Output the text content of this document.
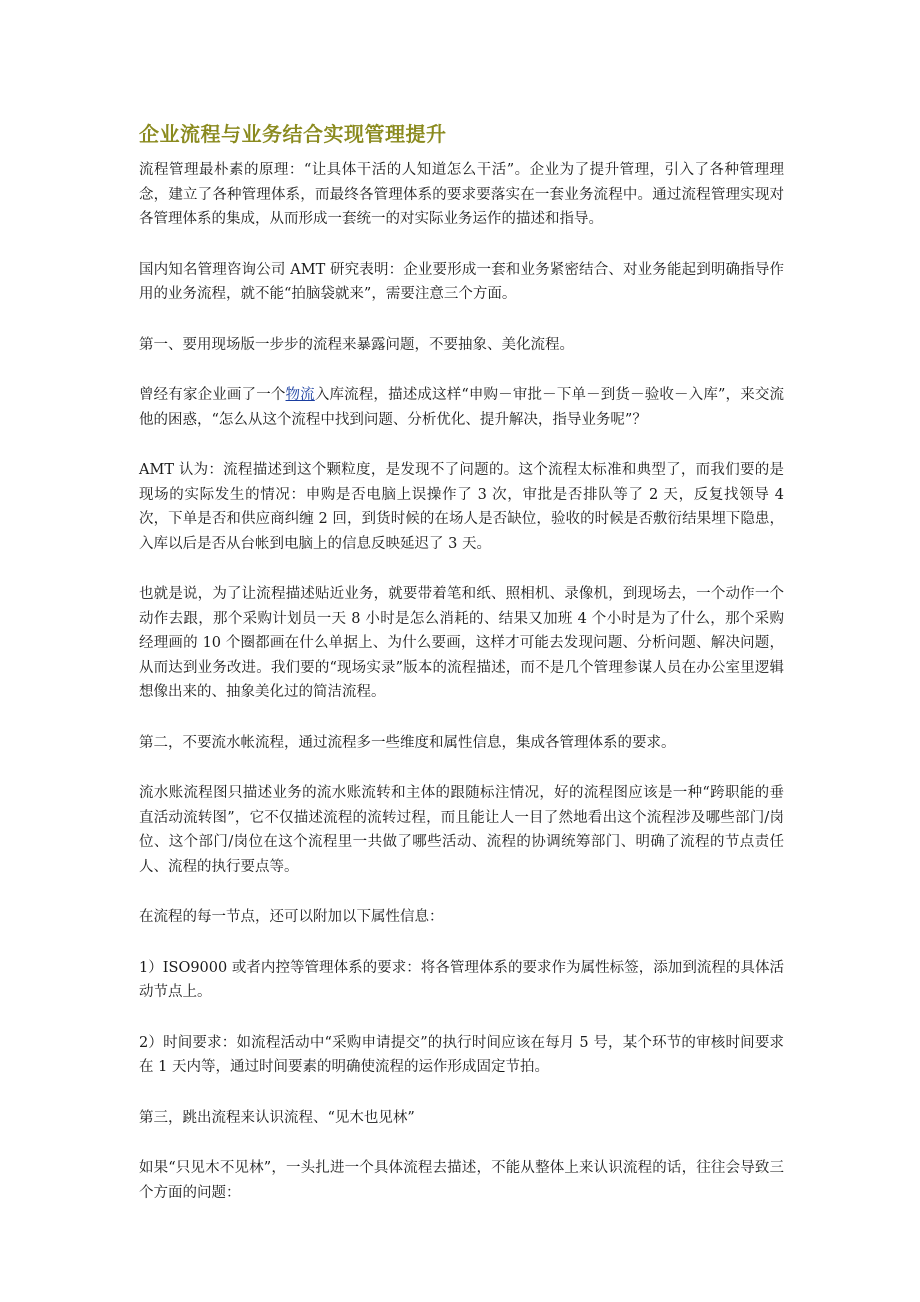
企业流程与业务结合实现管理提升

流程管理最朴素的原理：“让具体干活的人知道怎么干活”。企业为了提升管理，引入了各种管理理念，建立了各种管理体系，而最终各管理体系的要求要落实在一套业务流程中。通过流程管理实现对各管理体系的集成，从而形成一套统一的对实际业务运作的描述和指导。

国内知名管理咨询公司 AMT 研究表明：企业要形成一套和业务紧密结合、对业务能起到明确指导作用的业务流程，就不能“拍脑袋就来”，需要注意三个方面。

第一、要用现场版一步步的流程来暴露问题，不要抽象、美化流程。

曾经有家企业画了一个物流入库流程，描述成这样“申购－审批－下单－到货－验收－入库”，来交流他的困惑，“怎么从这个流程中找到问题、分析优化、提升解决，指导业务呢”？

AMT 认为：流程描述到这个颗粒度，是发现不了问题的。这个流程太标准和典型了，而我们要的是现场的实际发生的情况：申购是否电脑上误操作了 3 次，审批是否排队等了 2 天，反复找领导 4 次，下单是否和供应商纠缠 2 回，到货时候的在场人是否缺位，验收的时候是否敷衍结果埋下隐患，入库以后是否从台帐到电脑上的信息反映延迟了 3 天。

也就是说，为了让流程描述贴近业务，就要带着笔和纸、照相机、录像机，到现场去，一个动作一个动作去跟，那个采购计划员一天 8 小时是怎么消耗的、结果又加班 4 个小时是为了什么，那个采购经理画的 10 个圈都画在什么单据上、为什么要画，这样才可能去发现问题、分析问题、解决问题，从而达到业务改进。我们要的“现场实录”版本的流程描述，而不是几个管理参谋人员在办公室里逻辑想像出来的、抽象美化过的简洁流程。

第二，不要流水帐流程，通过流程多一些维度和属性信息，集成各管理体系的要求。

流水账流程图只描述业务的流水账流转和主体的跟随标注情况，好的流程图应该是一种“跨职能的垂直活动流转图”，它不仅描述流程的流转过程，而且能让人一目了然地看出这个流程涉及哪些部门/岗位、这个部门/岗位在这个流程里一共做了哪些活动、流程的协调统筹部门、明确了流程的节点责任人、流程的执行要点等。

在流程的每一节点，还可以附加以下属性信息：

1）ISO9000 或者内控等管理体系的要求：将各管理体系的要求作为属性标签，添加到流程的具体活动节点上。

2）时间要求：如流程活动中“采购申请提交”的执行时间应该在每月 5 号，某个环节的审核时间要求在 1 天内等，通过时间要素的明确使流程的运作形成固定节拍。

第三，跳出流程来认识流程、“见木也见林”

如果“只见木不见林”，一头扎进一个具体流程去描述，不能从整体上来认识流程的话，往往会导致三个方面的问题：
